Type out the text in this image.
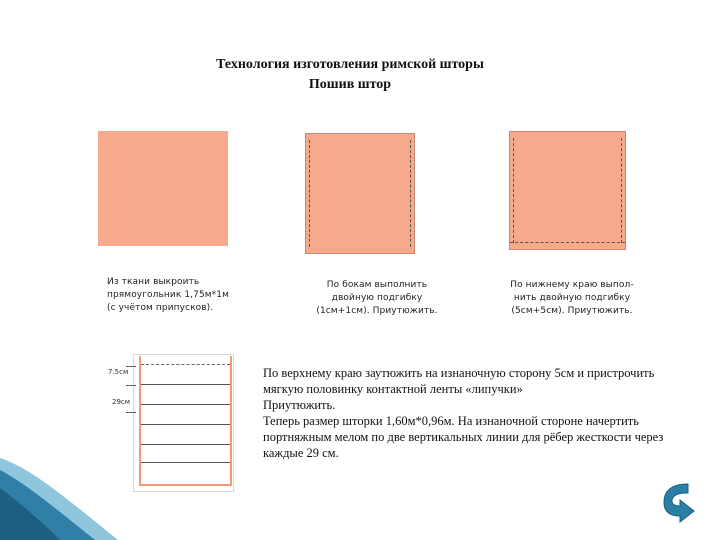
Технология изготовления римской шторы
Пошив штор
Из ткани выкроить
прямоугольник 1,75м*1м
(с учётом припусков).
По бокам выполнить
двойную подгибку
(1см+1см). Приутюжить.
По нижнему краю выпол-
нить двойную подгибку
(5см+5см). Приутюжить.
7.5см
29см

По верхнему краю заутюжить на изнаночную сторону 5см и пристрочить

мягкую половинку контактной ленты «липучки»

Приутюжить.

Теперь размер шторки 1,60м*0,96м. На изнаночной стороне начертить

портняжным мелом по две вертикальных линии для рёбер жесткости через

каждые 29 см.
